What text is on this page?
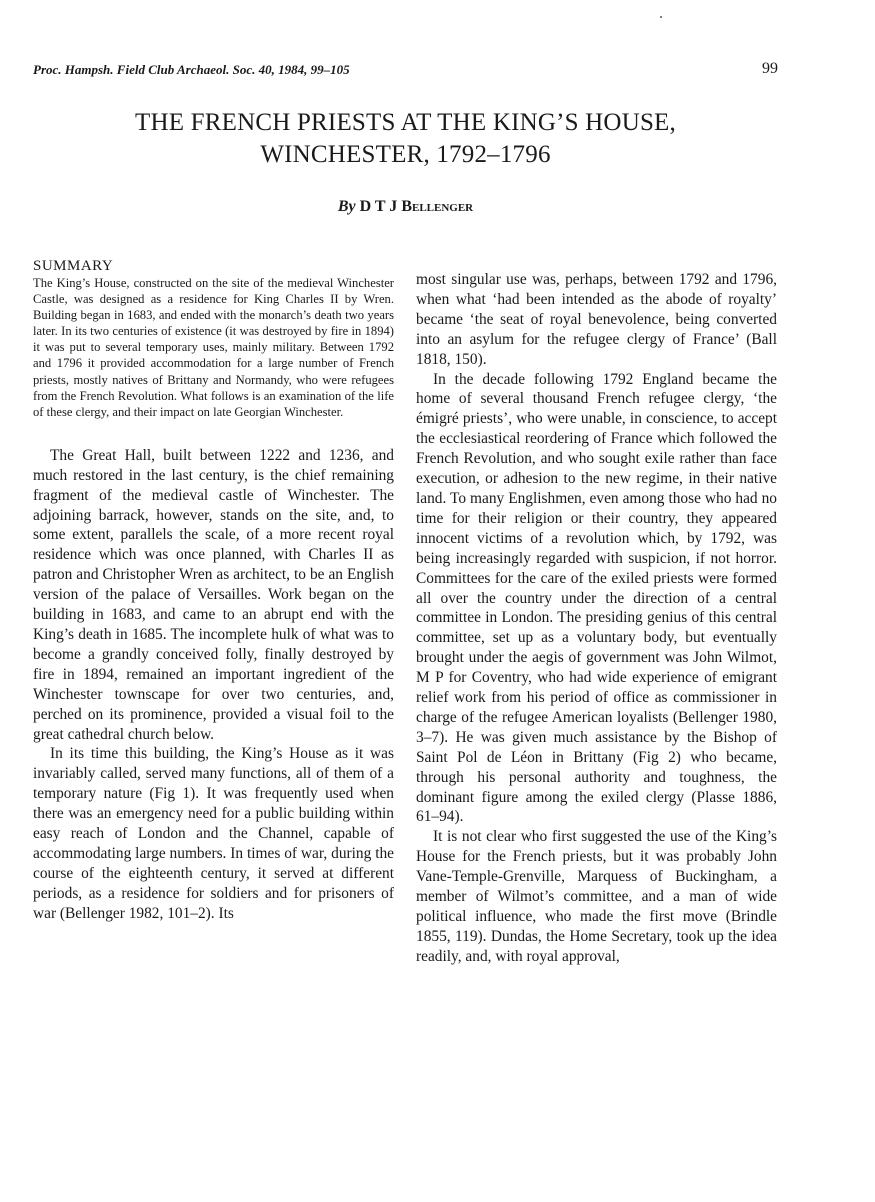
Proc. Hampsh. Field Club Archaeol. Soc. 40, 1984, 99–105	99
THE FRENCH PRIESTS AT THE KING’S HOUSE,
WINCHESTER, 1792–1796
By D T J Bellenger
SUMMARY

The King’s House, constructed on the site of the medieval Winchester Castle, was designed as a residence for King Charles II by Wren. Building began in 1683, and ended with the monarch’s death two years later. In its two centuries of existence (it was destroyed by fire in 1894) it was put to several temporary uses, mainly military. Between 1792 and 1796 it provided accommodation for a large number of French priests, mostly natives of Brittany and Normandy, who were refugees from the French Revolution. What follows is an examination of the life of these clergy, and their impact on late Georgian Winchester.

The Great Hall, built between 1222 and 1236, and much restored in the last century, is the chief remaining fragment of the medieval castle of Winchester. The adjoining barrack, however, stands on the site, and, to some extent, parallels the scale, of a more recent royal residence which was once planned, with Charles II as patron and Christopher Wren as architect, to be an English version of the palace of Versailles. Work began on the building in 1683, and came to an abrupt end with the King’s death in 1685. The incomplete hulk of what was to become a grandly conceived folly, finally destroyed by fire in 1894, remained an important ingredient of the Winchester townscape for over two centuries, and, perched on its prominence, provided a visual foil to the great cathedral church below.

In its time this building, the King’s House as it was invariably called, served many functions, all of them of a temporary nature (Fig 1). It was frequently used when there was an emergency need for a public building within easy reach of London and the Channel, capable of accommodating large numbers. In times of war, during the course of the eighteenth century, it served at different periods, as a residence for soldiers and for prisoners of war (Bellenger 1982, 101–2). Its

most singular use was, perhaps, between 1792 and 1796, when what ‘had been intended as the abode of royalty’ became ‘the seat of royal benevolence, being converted into an asylum for the refugee clergy of France’ (Ball 1818, 150).

In the decade following 1792 England became the home of several thousand French refugee clergy, ‘the émigré priests’, who were unable, in conscience, to accept the ecclesiastical reordering of France which followed the French Revolution, and who sought exile rather than face execution, or adhesion to the new regime, in their native land. To many Englishmen, even among those who had no time for their religion or their country, they appeared innocent victims of a revolution which, by 1792, was being increasingly regarded with suspicion, if not horror. Committees for the care of the exiled priests were formed all over the country under the direction of a central committee in London. The presiding genius of this central committee, set up as a voluntary body, but eventually brought under the aegis of government was John Wilmot, M P for Coventry, who had wide experience of emigrant relief work from his period of office as commissioner in charge of the refugee American loyalists (Bellenger 1980, 3–7). He was given much assistance by the Bishop of Saint Pol de Léon in Brittany (Fig 2) who became, through his personal authority and toughness, the dominant figure among the exiled clergy (Plasse 1886, 61–94).

It is not clear who first suggested the use of the King’s House for the French priests, but it was probably John Vane-Temple-Grenville, Marquess of Buckingham, a member of Wilmot’s committee, and a man of wide political influence, who made the first move (Brindle 1855, 119). Dundas, the Home Secretary, took up the idea readily, and, with royal approval,
